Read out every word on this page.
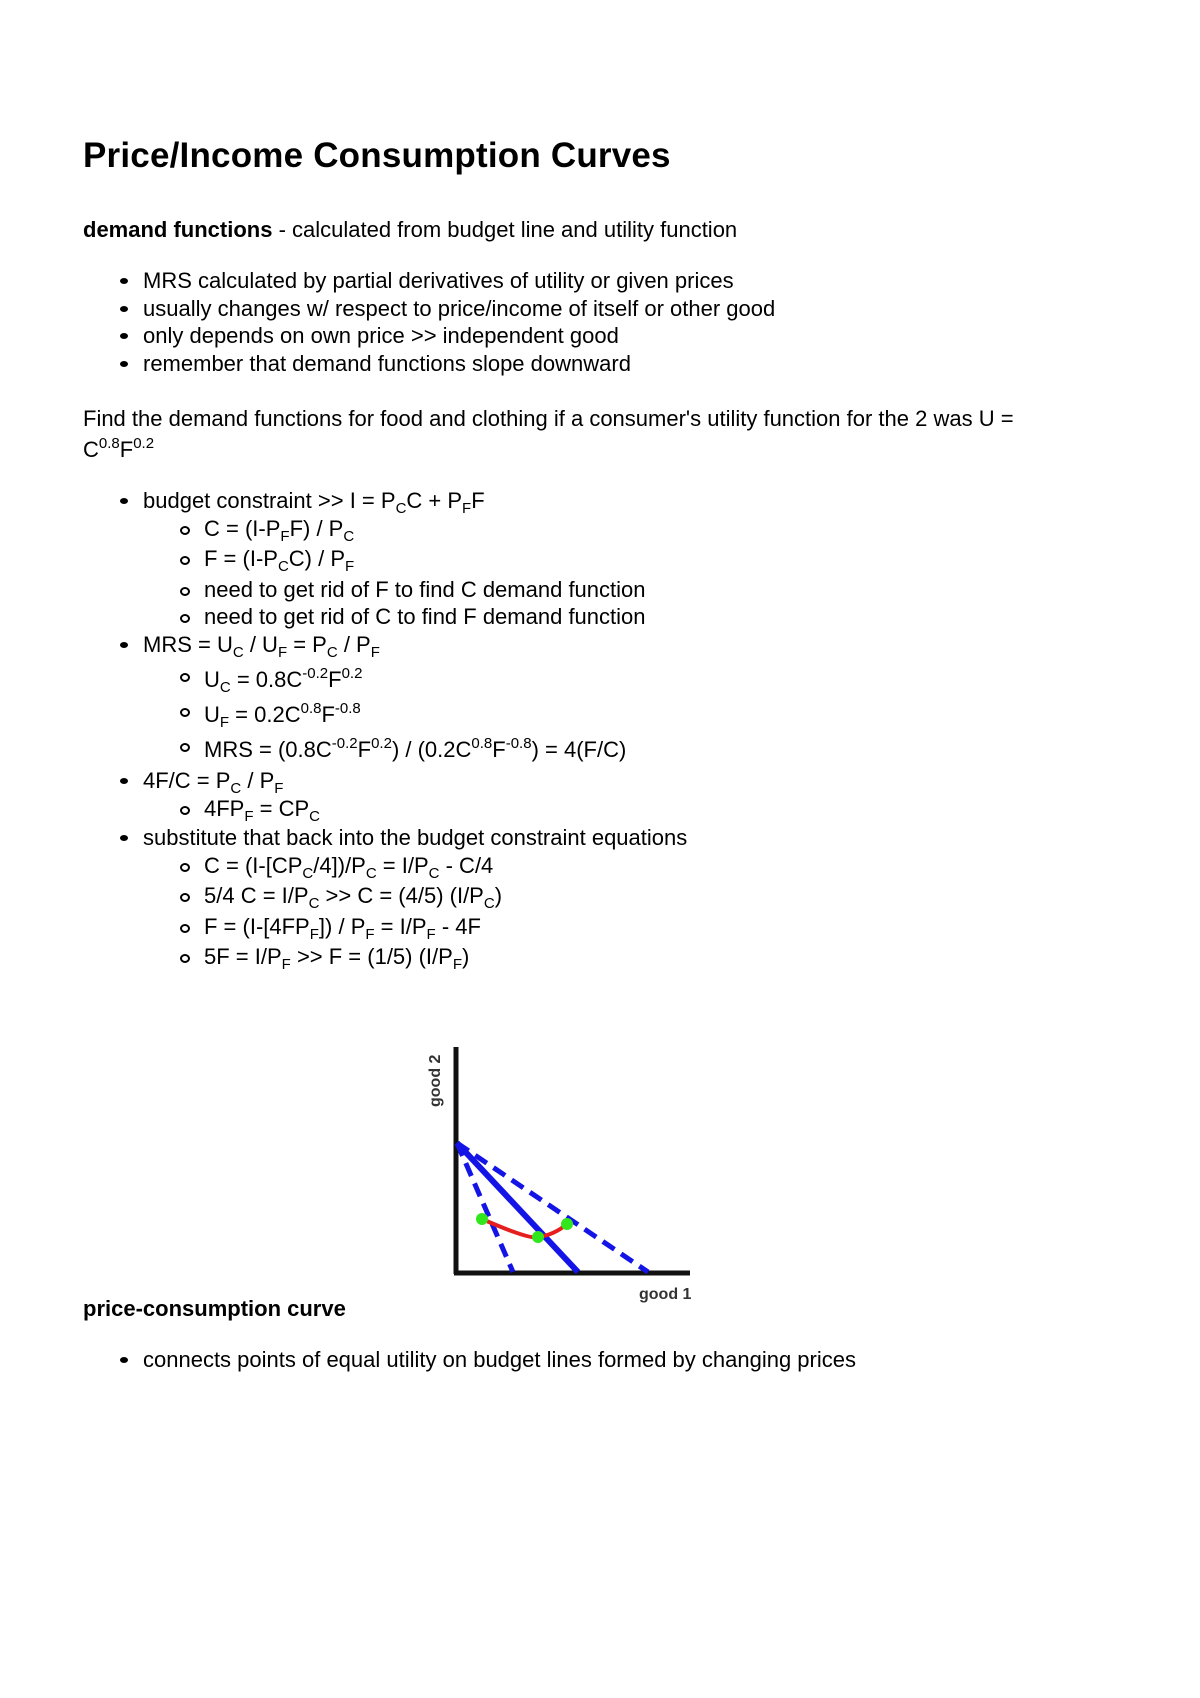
Price/Income Consumption Curves

demand functions - calculated from budget line and utility function

MRS calculated by partial derivatives of utility or given prices
usually changes w/ respect to price/income of itself or other good
only depends on own price >> independent good
remember that demand functions slope downward

Find the demand functions for food and clothing if a consumer's utility function for the 2 was U =
$C^{0.8}F^{0.2}$

budget constraint >> $I = P_CC + P_FF$
$C = (I-P_FF) / P_C$
$F = (I-P_CC) / P_F$
need to get rid of F to find C demand function
need to get rid of C to find F demand function
MRS = $U_C / U_F = P_C / P_F$
$U_C = 0.8C^{-0.2}F^{0.2}$
$U_F = 0.2C^{0.8}F^{-0.8}$
MRS = $(0.8C^{-0.2}F^{0.2}) / (0.2C^{0.8}F^{-0.8}) = 4(F/C)$
$4F/C = P_C / P_F$
$4FP_F = CP_C$
substitute that back into the budget constraint equations
$C = (I-[CP_C/4])/P_C = I/P_C - C/4$
5/4 $C = I/P_C >> C = (4/5)$ $(I/P_C)$
$F = (I-[4FP_F]) / P_F = I/P_F - 4F$
$5F = I/P_F >> F = (1/5)$ $(I/P_F)$
good 2
good 1

price-consumption curve

connects points of equal utility on budget lines formed by changing prices
